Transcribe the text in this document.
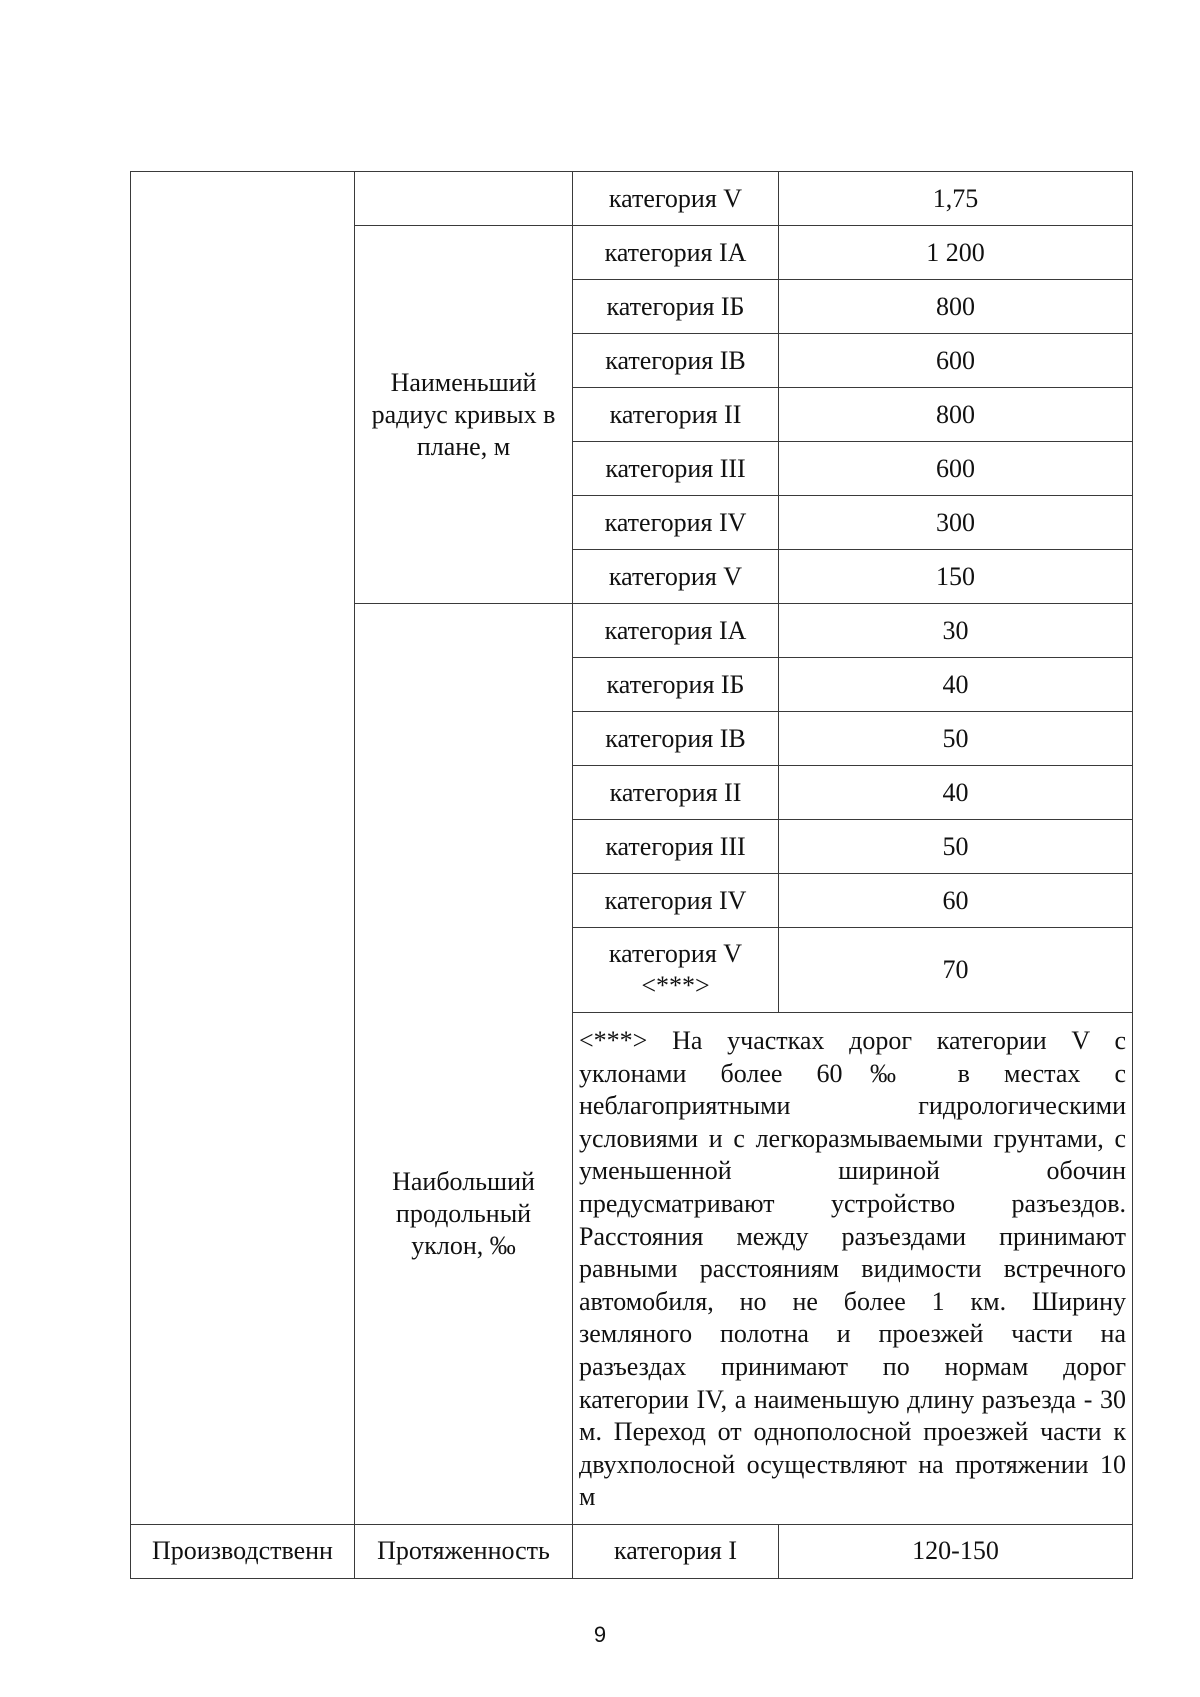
		категория V	1,75
	Наименьший радиус кривых в плане, м	категория IA	1 200
		категория IБ	800
		категория IВ	600
		категория II	800
		категория III	600
		категория IV	300
		категория V	150
	Наибольший продольный уклон, ‰	категория IA	30
		категория IБ	40
		категория IВ	50
		категория II	40
		категория III	50
		категория IV	60
		категория V <***>	70
		<***> На участках дорог категории V с уклонами более 60‰ в местах с неблагоприятными гидрологическими условиями и с легкоразмываемыми грунтами, с уменьшенной шириной обочин предусматривают устройство разъездов. Расстояния между разъездами принимают равными расстояниям видимости встречного автомобиля, но не более 1 км. Ширину земляного полотна и проезжей части на разъездах принимают по нормам дорог категории IV, а наименьшую длину разъезда - 30 м. Переход от однополосной проезжей части к двухполосной осуществляют на протяжении 10 м	
Производственн	Протяженность	категория I	120-150
9
